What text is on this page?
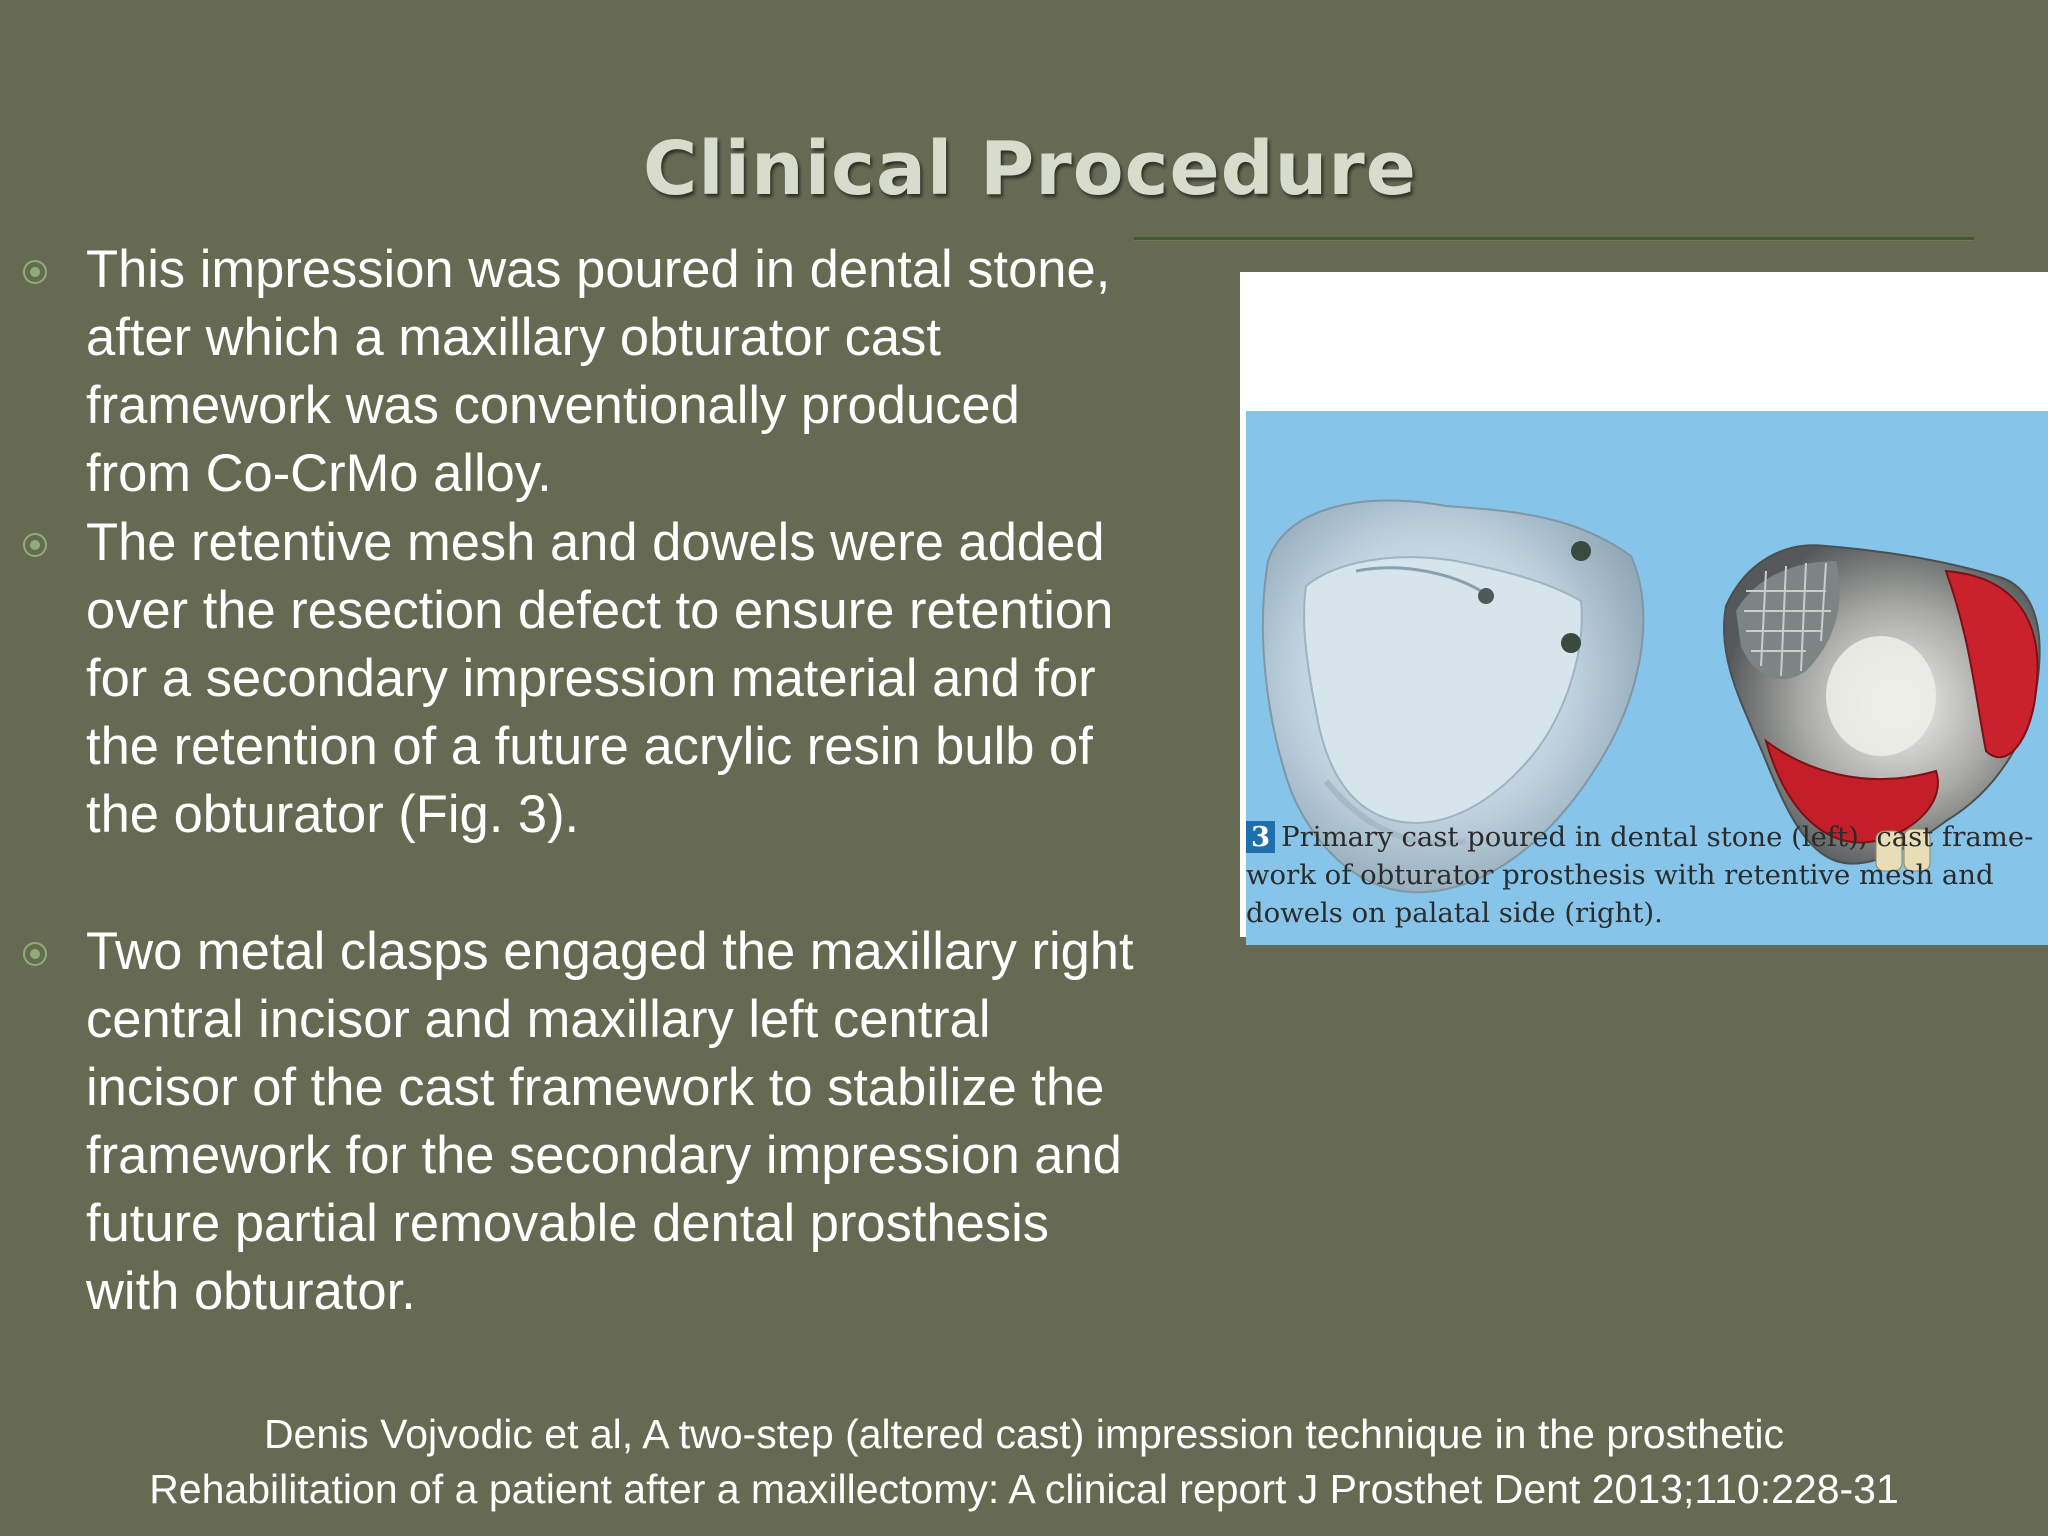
Clinical Procedure
This impression was poured in dental stone,
after which a maxillary obturator cast
framework was conventionally produced
from Co-CrMo alloy.
The retentive mesh and dowels were added
over the resection defect to ensure retention
for a secondary impression material and for
the retention of a future acrylic resin bulb of
the obturator (Fig. 3).
Two metal clasps engaged the maxillary right
central incisor and maxillary left central
incisor of the cast framework to stabilize the
framework for the secondary impression and
future partial removable dental prosthesis
with obturator.
3 Primary cast poured in dental stone (left), cast frame-
work of obturator prosthesis with retentive mesh and
dowels on palatal side (right).
Denis Vojvodic et al, A two-step (altered cast) impression technique in the prosthetic
Rehabilitation of a patient after a maxillectomy: A clinical report J Prosthet Dent 2013;110:228-31
